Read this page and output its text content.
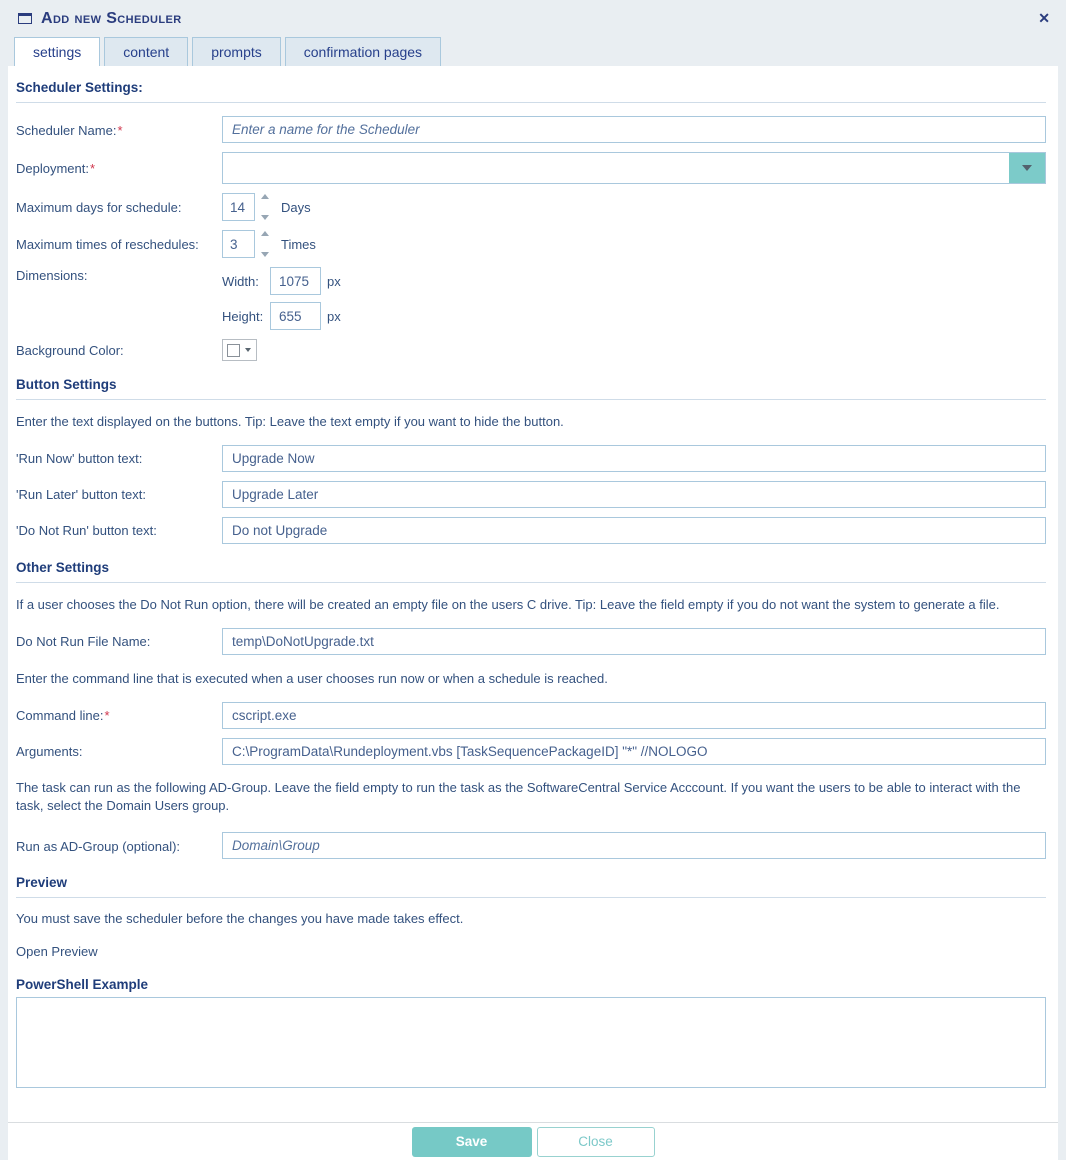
Add new Scheduler	✕
settings	content	prompts	confirmation pages
Scheduler Settings:
Scheduler Name:*
Enter a name for the Scheduler
Deployment:*
Maximum days for schedule:
14	Days
Maximum times of reschedules:
3	Times
Dimensions:	Width:
1075	px
Height:
655	px
Background Color:
Button Settings
Enter the text displayed on the buttons. Tip: Leave the text empty if you want to hide the button.
'Run Now' button text:
Upgrade Now
'Run Later' button text:
Upgrade Later
'Do Not Run' button text:
Do not Upgrade
Other Settings
If a user chooses the Do Not Run option, there will be created an empty file on the users C drive. Tip: Leave the field empty if you do not want the system to generate a file.
Do Not Run File Name:
temp\DoNotUpgrade.txt
Enter the command line that is executed when a user chooses run now or when a schedule is reached.
Command line:*
cscript.exe
Arguments:
C:\ProgramData\Rundeployment.vbs [TaskSequencePackageID] "*" //NOLOGO
The task can run as the following AD-Group. Leave the field empty to run the task as the SoftwareCentral Service Acccount. If you want the users to be able to interact with the task, select the Domain Users group.
Run as AD-Group (optional):
Domain\Group
Preview
You must save the scheduler before the changes you have made takes effect.
Open Preview
PowerShell Example
Save	Close
